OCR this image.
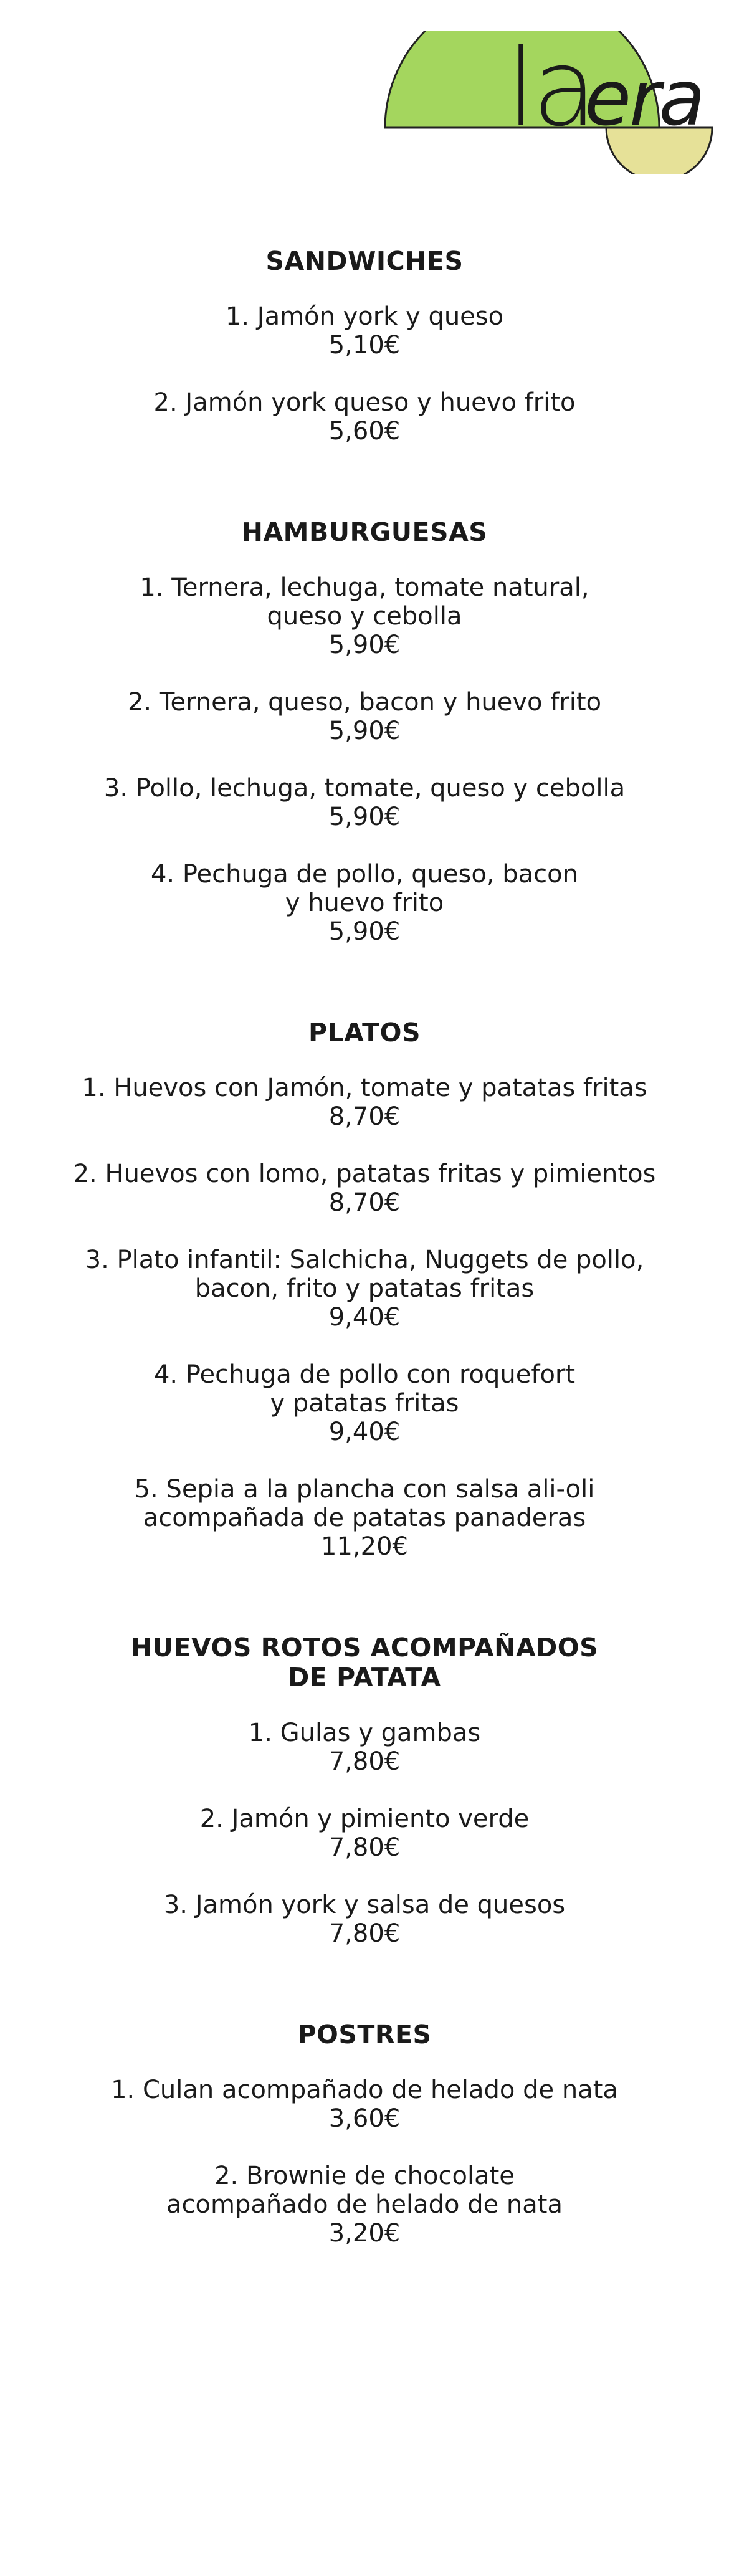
la
era
SANDWICHES
1. Jamón york y queso
5,10€
2. Jamón york queso y huevo frito
5,60€
HAMBURGUESAS
1. Ternera, lechuga, tomate natural,
queso y cebolla
5,90€
2. Ternera, queso, bacon y huevo frito
5,90€
3. Pollo, lechuga, tomate, queso y cebolla
5,90€
4. Pechuga de pollo, queso, bacon
y huevo frito
5,90€
PLATOS
1. Huevos con Jamón, tomate y patatas fritas
8,70€
2. Huevos con lomo, patatas fritas y pimientos
8,70€
3. Plato infantil: Salchicha, Nuggets de pollo,
bacon, frito y patatas fritas
9,40€
4. Pechuga de pollo con roquefort
y patatas fritas
9,40€
5. Sepia a la plancha con salsa ali-oli
acompañada de patatas panaderas
11,20€
HUEVOS ROTOS ACOMPAÑADOS
DE PATATA
1. Gulas y gambas
7,80€
2. Jamón y pimiento verde
7,80€
3. Jamón york y salsa de quesos
7,80€
POSTRES
1. Culan acompañado de helado de nata
3,60€
2. Brownie de chocolate
acompañado de helado de nata
3,20€
